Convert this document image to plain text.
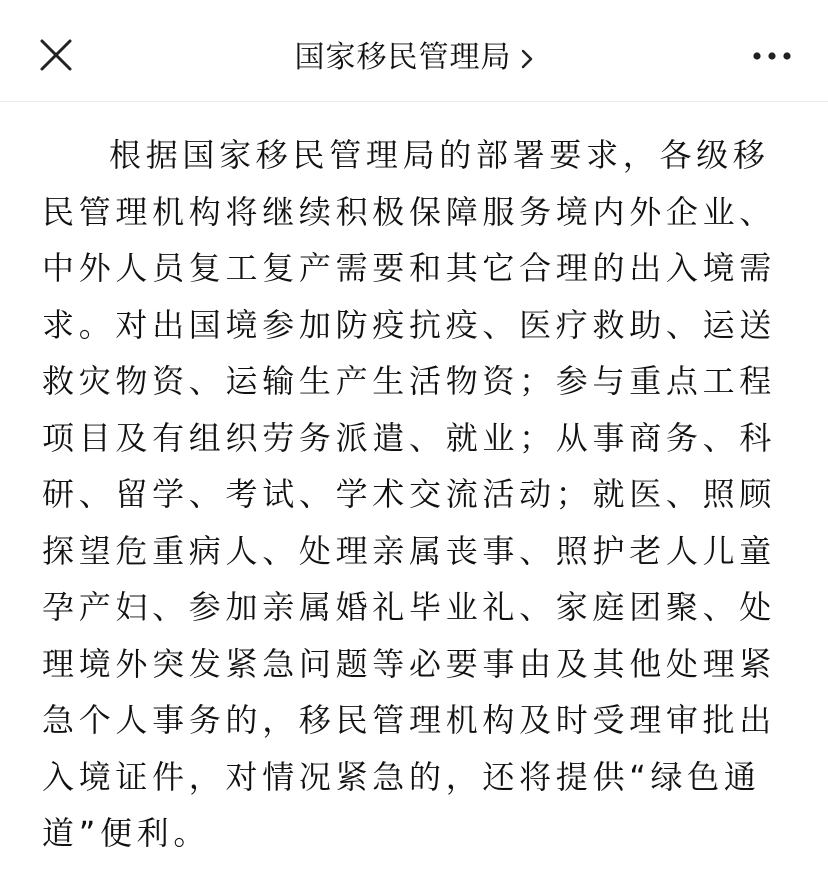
国家移民管理局

根据国家移民管理局的部署要求，各级移民管理机构将继续积极保障服务境内外企业、中外人员复工复产需要和其它合理的出入境需求。对出国境参加防疫抗疫、医疗救助、运送救灾物资、运输生产生活物资；参与重点工程项目及有组织劳务派遣、就业；从事商务、科研、留学、考试、学术交流活动；就医、照顾探望危重病人、处理亲属丧事、照护老人儿童孕产妇、参加亲属婚礼毕业礼、家庭团聚、处理境外突发紧急问题等必要事由及其他处理紧急个人事务的，移民管理机构及时受理审批出入境证件，对情况紧急的，还将提供“绿色通道”便利。
